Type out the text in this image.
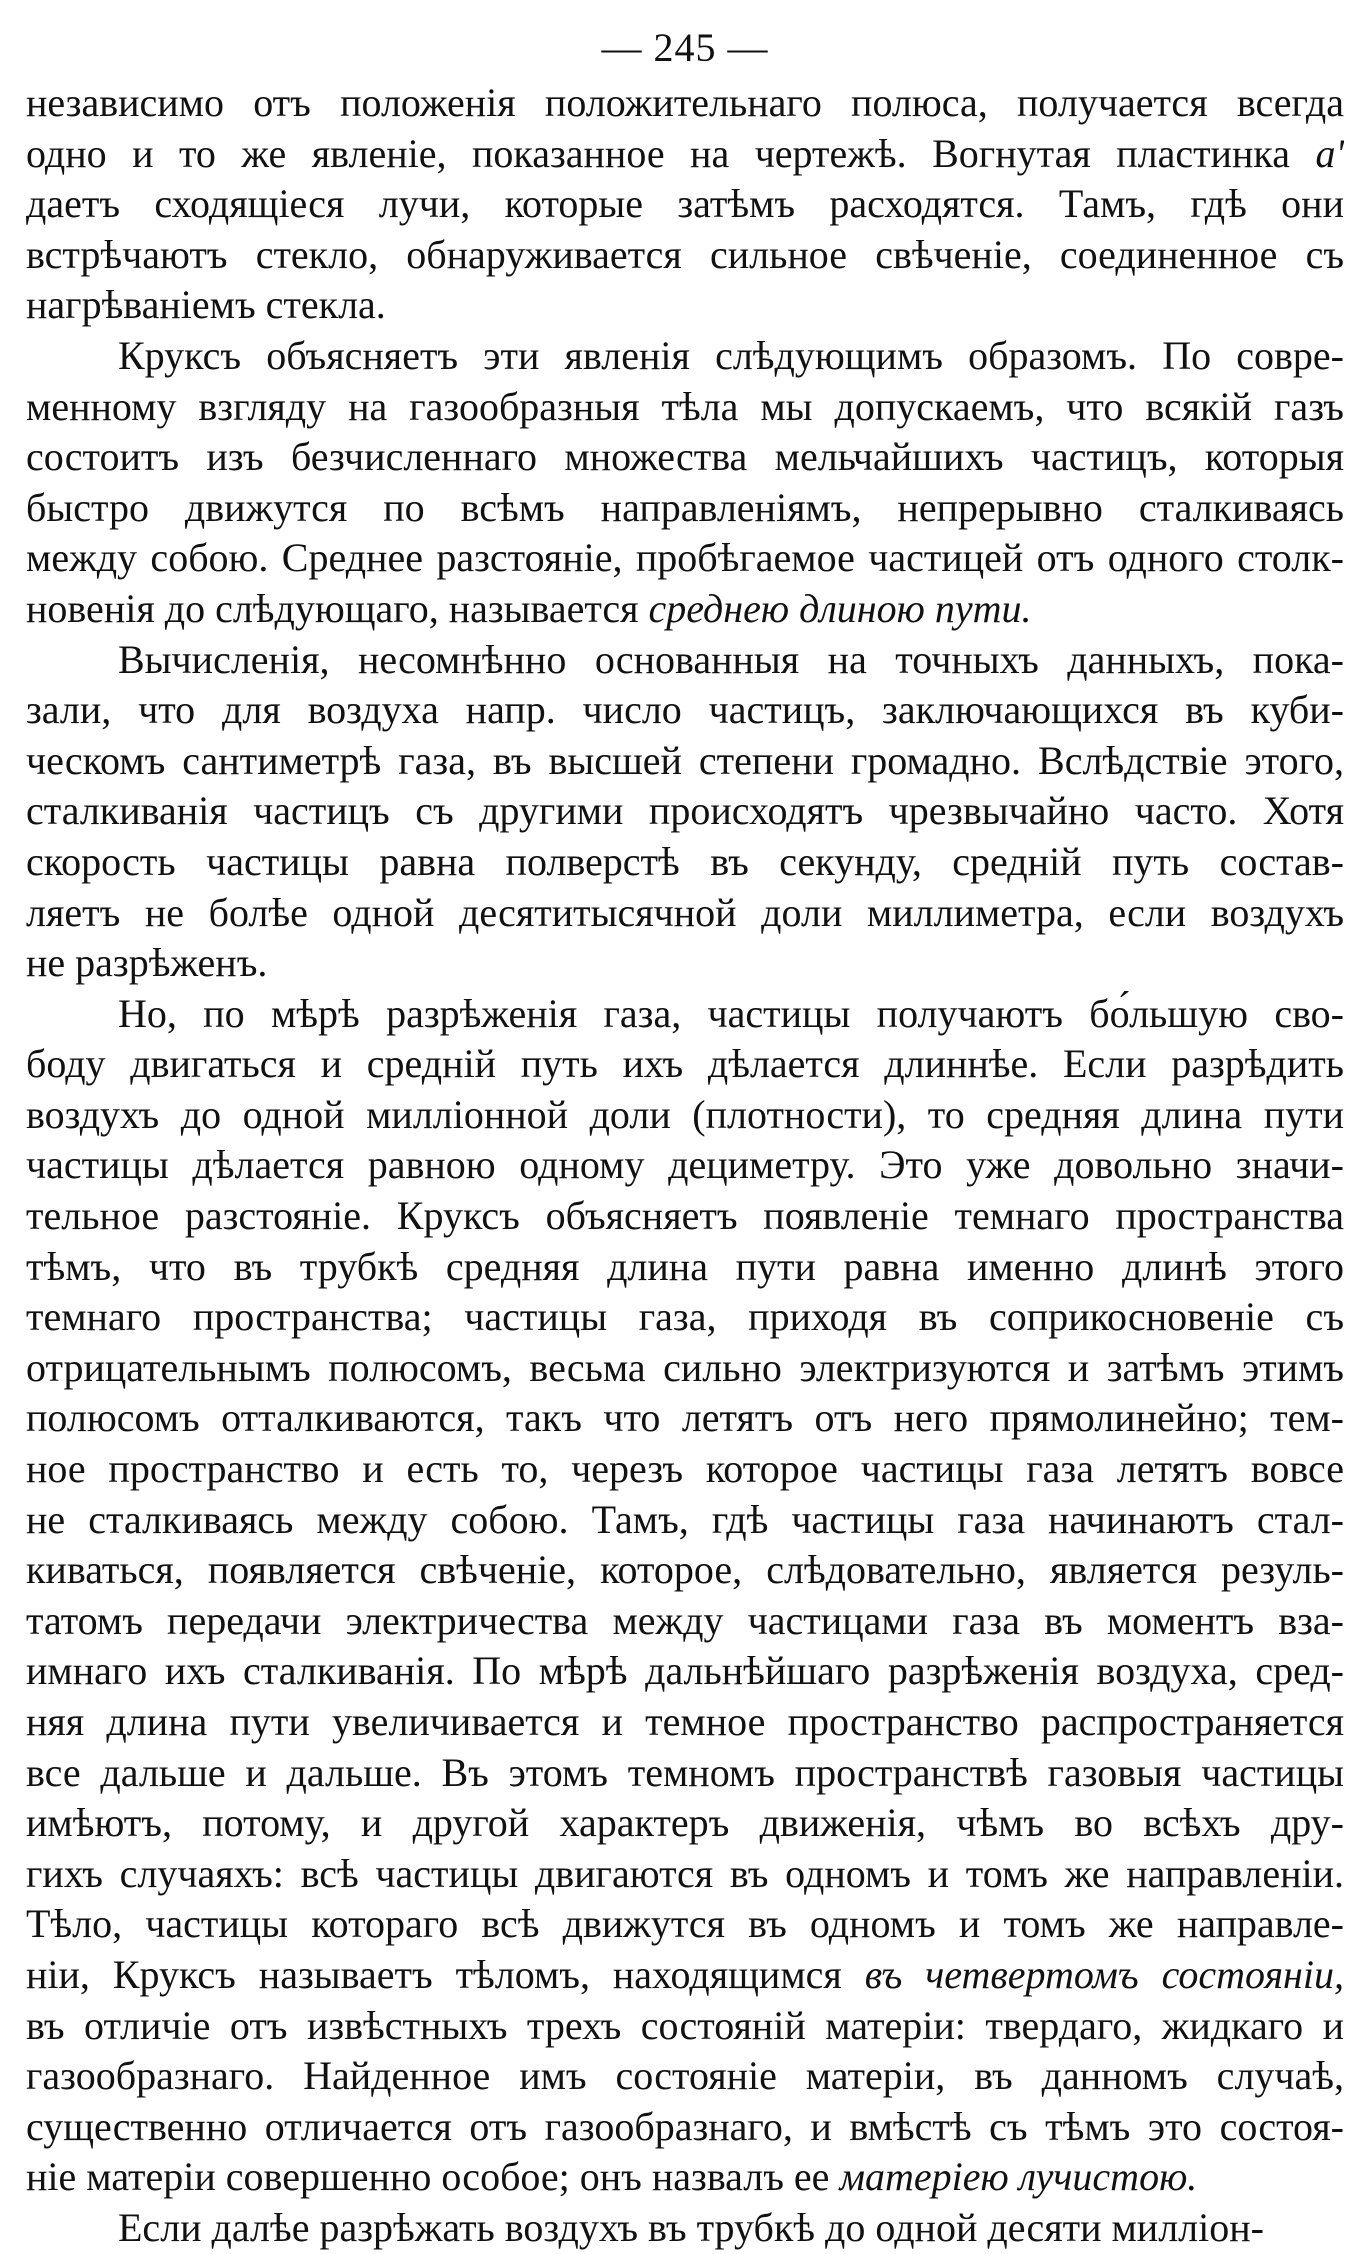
— 245 —
независимо отъ положенія положительнаго полюса, получается всегда
одно и то же явленіе, показанное на чертежѣ. Вогнутая пластинка а'
даетъ сходящіеся лучи, которые затѣмъ расходятся. Тамъ, гдѣ они
встрѣчаютъ стекло, обнаруживается сильное свѣченіе, соединенное съ
нагрѣваніемъ стекла.
Круксъ объясняетъ эти явленія слѣдующимъ образомъ. По совре-
менному взгляду на газообразныя тѣла мы допускаемъ, что всякій газъ
состоитъ изъ безчисленнаго множества мельчайшихъ частицъ, которыя
быстро движутся по всѣмъ направленіямъ, непрерывно сталкиваясь
между собою. Среднее разстояніе, пробѣгаемое частицей отъ одного столк-
новенія до слѣдующаго, называется среднею длиною пути.
Вычисленія, несомнѣнно основанныя на точныхъ данныхъ, пока-
зали, что для воздуха напр. число частицъ, заключающихся въ куби-
ческомъ сантиметрѣ газа, въ высшей степени громадно. Вслѣдствіе этого,
сталкиванія частицъ съ другими происходятъ чрезвычайно часто. Хотя
скорость частицы равна полверстѣ въ секунду, средній путь состав-
ляетъ не болѣе одной десятитысячной доли миллиметра, если воздухъ
не разрѣженъ.
Но, по мѣрѣ разрѣженія газа, частицы получаютъ бо́льшую сво-
боду двигаться и средній путь ихъ дѣлается длиннѣе. Если разрѣдить
воздухъ до одной милліонной доли (плотности), то средняя длина пути
частицы дѣлается равною одному дециметру. Это уже довольно значи-
тельное разстояніе. Круксъ объясняетъ появленіе темнаго пространства
тѣмъ, что въ трубкѣ средняя длина пути равна именно длинѣ этого
темнаго пространства; частицы газа, приходя въ соприкосновеніе съ
отрицательнымъ полюсомъ, весьма сильно электризуются и затѣмъ этимъ
полюсомъ отталкиваются, такъ что летятъ отъ него прямолинейно; тем-
ное пространство и есть то, черезъ которое частицы газа летятъ вовсе
не сталкиваясь между собою. Тамъ, гдѣ частицы газа начинаютъ стал-
киваться, появляется свѣченіе, которое, слѣдовательно, является резуль-
татомъ передачи электричества между частицами газа въ моментъ вза-
имнаго ихъ сталкиванія. По мѣрѣ дальнѣйшаго разрѣженія воздуха, сред-
няя длина пути увеличивается и темное пространство распространяется
все дальше и дальше. Въ этомъ темномъ пространствѣ газовыя частицы
имѣютъ, потому, и другой характеръ движенія, чѣмъ во всѣхъ дру-
гихъ случаяхъ: всѣ частицы двигаются въ одномъ и томъ же направленіи.
Тѣло, частицы котораго всѣ движутся въ одномъ и томъ же направле-
ніи, Круксъ называетъ тѣломъ, находящимся въ четвертомъ состояніи,
въ отличіе отъ извѣстныхъ трехъ состояній матеріи: твердаго, жидкаго и
газообразнаго. Найденное имъ состояніе матеріи, въ данномъ случаѣ,
существенно отличается отъ газообразнаго, и вмѣстѣ съ тѣмъ это состоя-
ніе матеріи совершенно особое; онъ назвалъ ее матеріею лучистою.
Если далѣе разрѣжать воздухъ въ трубкѣ до одной десяти милліон-
